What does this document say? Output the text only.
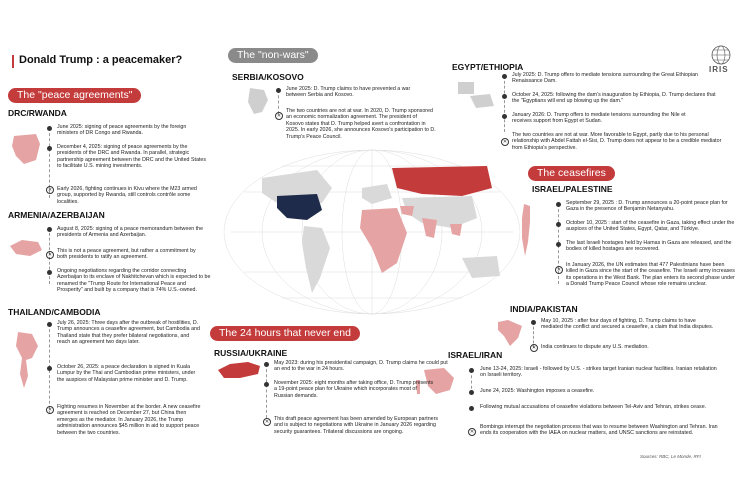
Donald Trump : a peacemaker?
IRIS
The "peace agreements"
The "non-wars"
The ceasefires
The 24 hours that never end
DRC/RWANDA
June 2025: signing of peace agreements by the foreign ministers of DR Congo and Rwanda.
December 4, 2025: signing of peace agreements by the presidents of the DRC and Rwanda. In parallel, strategic partnership agreement between the DRC and the United States to facilitate U.S. mining investments.
✕ Early 2026, fighting continues in Kivu where the M23 armed group, supported by Rwanda, still controls contrôle some localities.
ARMENIA/AZERBAIJAN
August 8, 2025: signing of a peace memorandum between the presidents of Armenia and Azerbaijan.
✕
This is not a peace agreement, but rather a commitment by both presidents to ratify an agreement.
Ongoing negotiations regarding the corridor connecting Azerbaijan to its enclave of Nakhitchevan which is expected to be renamed the "Trump Route for International Peace and Prosperity" and built by a company that is 74% U.S.-owned.
THAILAND/CAMBODIA
July 26, 2025: Three days after the outbreak of hostilities, D. Trump announces a ceasefire agreement, but Cambodia and Thailand state that they prefer bilateral negotiations, and reach an agreement two days later.
October 26, 2025: a peace declaration is signed in Kuala Lumpur by the Thai and Cambodian prime ministers, under the auspices of Malaysian prime minister and D. Trump.
✕ Fighting resumes in November at the border. A new ceasefire agreement is reached on December 27, but China then emerges as the mediator. In January 2026, the Trump administration announces $45 million in aid to support peace between the two countries.
SERBIA/KOSOVO
June 2025: D. Trump claims to have prevented a war between Serbia and Kosovo.
✕
The two countries are not at war. In 2020, D. Trump sponsored an economic normalization agreement. The president of Kosovo states that D. Trump helped avert a confrontation in 2025. In early 2026, she announces Kosovo's participation to D. Trump's Peace Council.
EGYPT/ETHIOPIA
July 2025: D. Trump offers to mediate tensions surrounding the Great Ethiopian Renaissance Dam.
October 24, 2025: following the dam's inauguration by Ethiopia, D. Trump declares that the "Egyptians will end up blowing up the dam."
January 2026: D. Trump offers to mediate tensions surrounding the Nile et receives support from Egypt et Sudan.
✕
The two countries are not at war. More favorable to Egypt, partly due to his personal relationship with Abdel Fattah el-Sisi, D. Trump does not appear to be a credible mediator from Ethiopia's perspective.
ISRAEL/PALESTINE
September 29, 2025 : D. Trump announces a 20-point peace plan for Gaza in the presence of Benjamin Netanyahu.
October 10, 2025 : start of the ceasefire in Gaza, taking effect under the auspices of the United States, Egypt, Qatar, and Türkiye.
The last Israeli hostages held by Hamas in Gaza are released, and the bodies of killed hostages are recovered.
✕
In January 2026, the UN estimates that 477 Palestinians have been killed in Gaza since the start of the ceasefire. The Israeli army increases its operations in the West Bank. The plan enters its second phase under a Donald Trump Peace Council whose role remains unclear.
INDIA/PAKISTAN
May 10, 2025 : after four days of fighting, D. Trump claims to have mediated the conflict and secured a ceasefire, a claim that India disputes.
✕ India continues to dispute any U.S. mediation.
ISRAEL/IRAN
June 13-24, 2025: Israeli - followed by U.S. - strikes target Iranian nuclear facilities. Iranian retaliation on Israeli territory.
June 24, 2025: Washington imposes a ceasefire.
Following mutual accusations of ceasefire violations between Tel-Aviv and Tehran, strikes cease.
✕
Bombings interrupt the negotiation process that was to resume between Washington and Tehran. Iran ends its cooperation with the IAEA on nuclear matters, and UNSC sanctions are reinstated.
RUSSIA/UKRAINE
May 2023: during his presidential campaign, D. Trump claims he could put an end to the war in 24 hours.
November 2025: eight months after taking office, D. Trump presents a 19-point peace plan for Ukraine which incorporates most of Russian demands.
✕ This draft peace agreement has been amended by European partners and is subject to negotiations with Ukraine in January 2026 regarding security guarantees. Trilateral discussions are ongoing.
Sources: RBC, Le Monde, RFI
